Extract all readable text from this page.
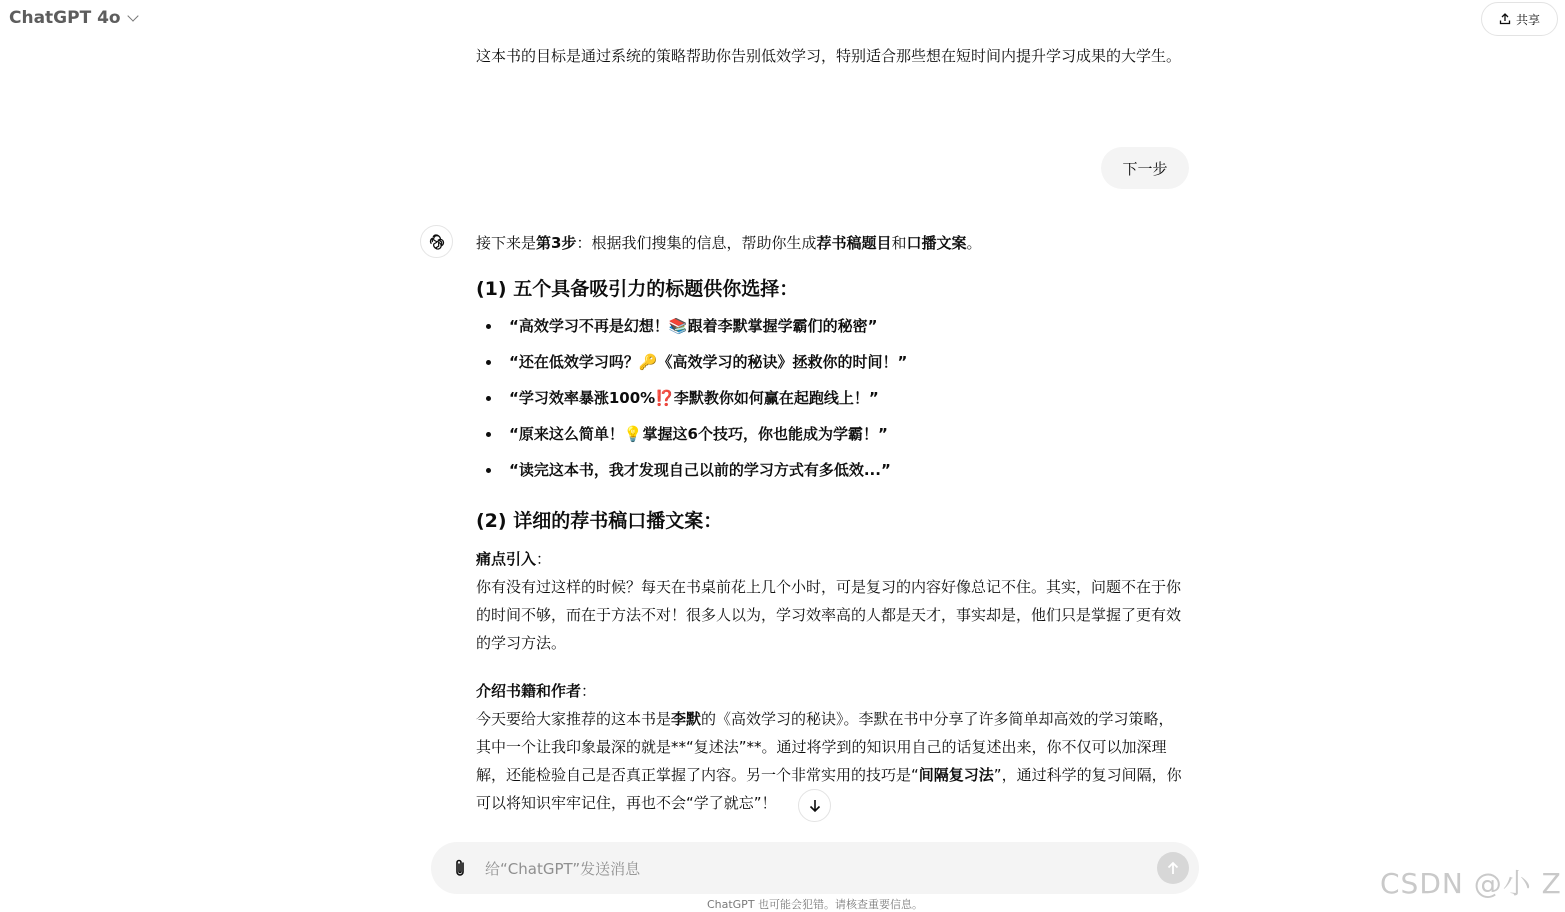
ChatGPT 4o	共享
这本书的目标是通过系统的策略帮助你告别低效学习，特别适合那些想在短时间内提升学习成果的大学生。
下一步
接下来是第3步：根据我们搜集的信息，帮助你生成荐书稿题目和口播文案。
(1) 五个具备吸引力的标题供你选择：
“高效学习不再是幻想！📚跟着李默掌握学霸们的秘密”
“还在低效学习吗？🔑《高效学习的秘诀》拯救你的时间！”
“学习效率暴涨100%⁉️李默教你如何赢在起跑线上！”
“原来这么简单！💡掌握这6个技巧，你也能成为学霸！”
“读完这本书，我才发现自己以前的学习方式有多低效...”
(2) 详细的荐书稿口播文案：
痛点引入：
你有没有过这样的时候？每天在书桌前花上几个小时，可是复习的内容好像总记不住。其实，问题不在于你的时间不够，而在于方法不对！很多人以为，学习效率高的人都是天才，事实却是，他们只是掌握了更有效的学习方法。
介绍书籍和作者：
今天要给大家推荐的这本书是李默的《高效学习的秘诀》。李默在书中分享了许多简单却高效的学习策略，其中一个让我印象最深的就是**“复述法”**。通过将学到的知识用自己的话复述出来，你不仅可以加深理解，还能检验自己是否真正掌握了内容。另一个非常实用的技巧是“间隔复习法”，通过科学的复习间隔，你可以将知识牢牢记住，再也不会“学了就忘”！
给“ChatGPT”发送消息
ChatGPT 也可能会犯错。请核查重要信息。
CSDN @小 Z
